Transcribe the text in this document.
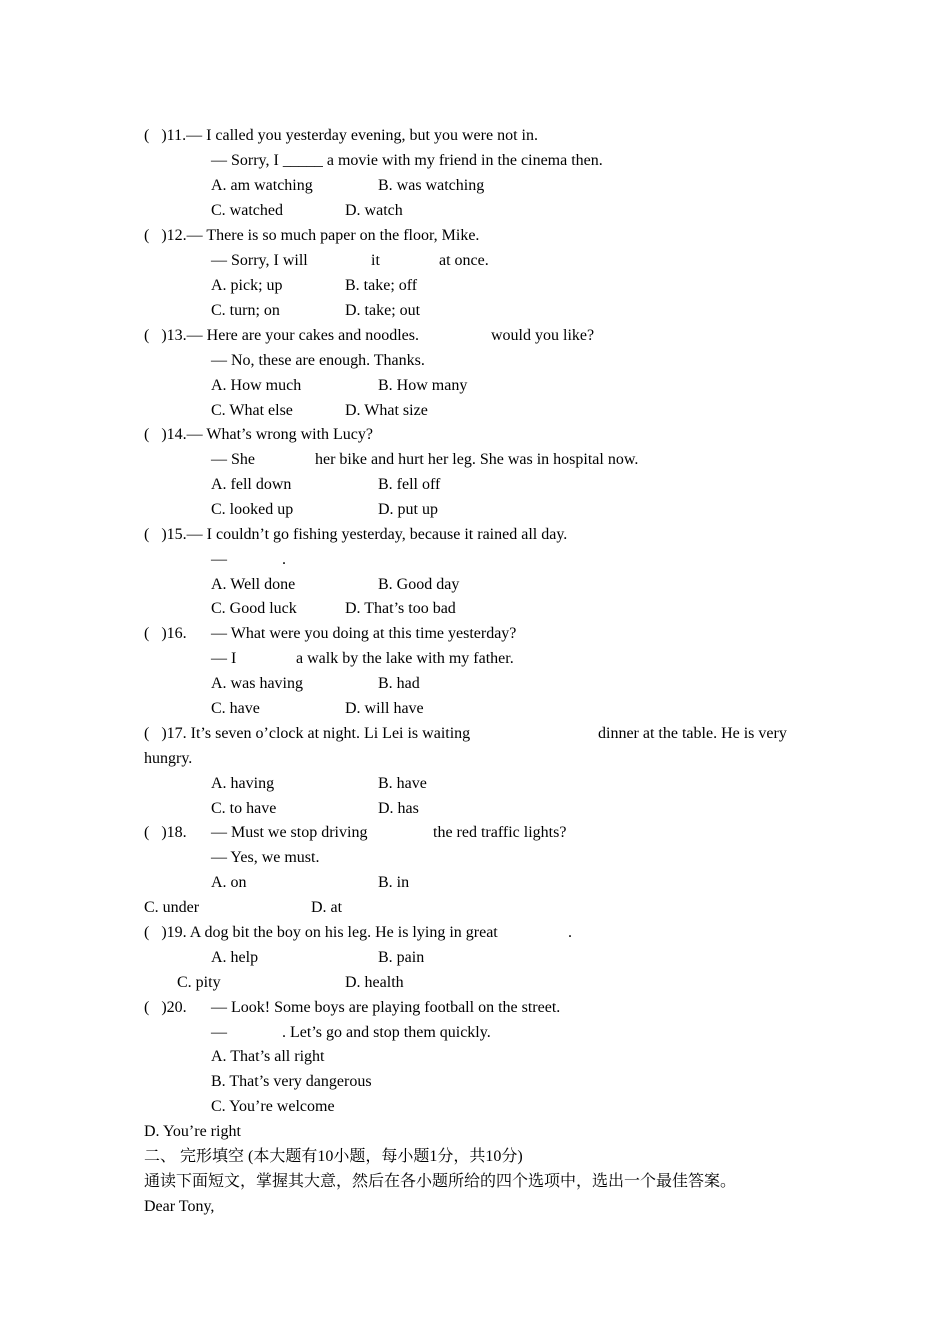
(   )11.— I called you yesterday evening, but you were not in.
— Sorry, I _____ a movie with my friend in the cinema then.
A. am watching	B. was watching
C. watched	D. watch
(   )12.— There is so much paper on the floor, Mike.
— Sorry, I will	it	at once.
A. pick; up	B. take; off
C. turn; on	D. take; out
(   )13.— Here are your cakes and noodles.	would you like?
— No, these are enough. Thanks.
A. How much	B. How many
C. What else	D. What size
(   )14.— What’s wrong with Lucy?
— She	her bike and hurt her leg. She was in hospital now.
A. fell down	B. fell off
C. looked up	D. put up
(   )15.— I couldn’t go fishing yesterday, because it rained all day.
—	.
A. Well done	B. Good day
C. Good luck	D. That’s too bad
(   )16. — What were you doing at this time yesterday?
— I	a walk by the lake with my father.
A. was having	B. had
C. have	D. will have
(   )17. It’s seven o’clock at night. Li Lei is waiting	dinner at the table. He is very
hungry.
A. having	B. have
C. to have	D. has
(   )18. — Must we stop driving	the red traffic lights?
— Yes, we must.
A. on	B. in
C. under	D. at
(   )19. A dog bit the boy on his leg. He is lying in great	.
A. help	B. pain
C. pity	D. health
(   )20. — Look! Some boys are playing football on the street.
—	. Let’s go and stop them quickly.
A. That’s all right
B. That’s very dangerous
C. You’re welcome
D. You’re right
二、 完形填空 (本大题有10小题，每小题1分，共10分)
通读下面短文，掌握其大意，然后在各小题所给的四个选项中，选出一个最佳答案。
Dear Tony,
